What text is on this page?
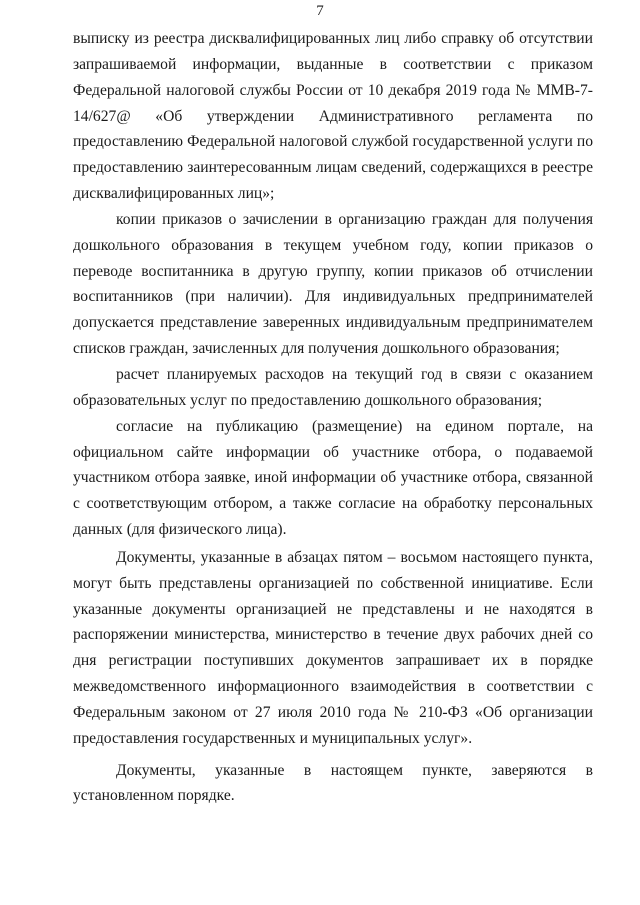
7

выписку из реестра дисквалифицированных лиц либо справку об отсутствии запрашиваемой информации, выданные в соответствии с приказом Федеральной налоговой службы России от 10 декабря 2019 года № ММВ-7-14/627@ «Об утверждении Административного регламента по предоставлению Федеральной налоговой службой государственной услуги по предоставлению заинтересованным лицам сведений, содержащихся в реестре дисквалифицированных лиц»;

копии приказов о зачислении в организацию граждан для получения дошкольного образования в текущем учебном году, копии приказов о переводе воспитанника в другую группу, копии приказов об отчислении воспитанников (при наличии). Для индивидуальных предпринимателей допускается представление заверенных индивидуальным предпринимателем списков граждан, зачисленных для получения дошкольного образования;

расчет планируемых расходов на текущий год в связи с оказанием образовательных услуг по предоставлению дошкольного образования;

согласие на публикацию (размещение) на едином портале, на официальном сайте информации об участнике отбора, о подаваемой участником отбора заявке, иной информации об участнике отбора, связанной с соответствующим отбором, а также согласие на обработку персональных данных (для физического лица).

Документы, указанные в абзацах пятом – восьмом настоящего пункта, могут быть представлены организацией по собственной инициативе. Если указанные документы организацией не представлены и не находятся в распоряжении министерства, министерство в течение двух рабочих дней со дня регистрации поступивших документов запрашивает их в порядке межведомственного информационного взаимодействия в соответствии с Федеральным законом от 27 июля 2010 года № 210-ФЗ «Об организации предоставления государственных и муниципальных услуг».

Документы, указанные в настоящем пункте, заверяются в установленном порядке.
